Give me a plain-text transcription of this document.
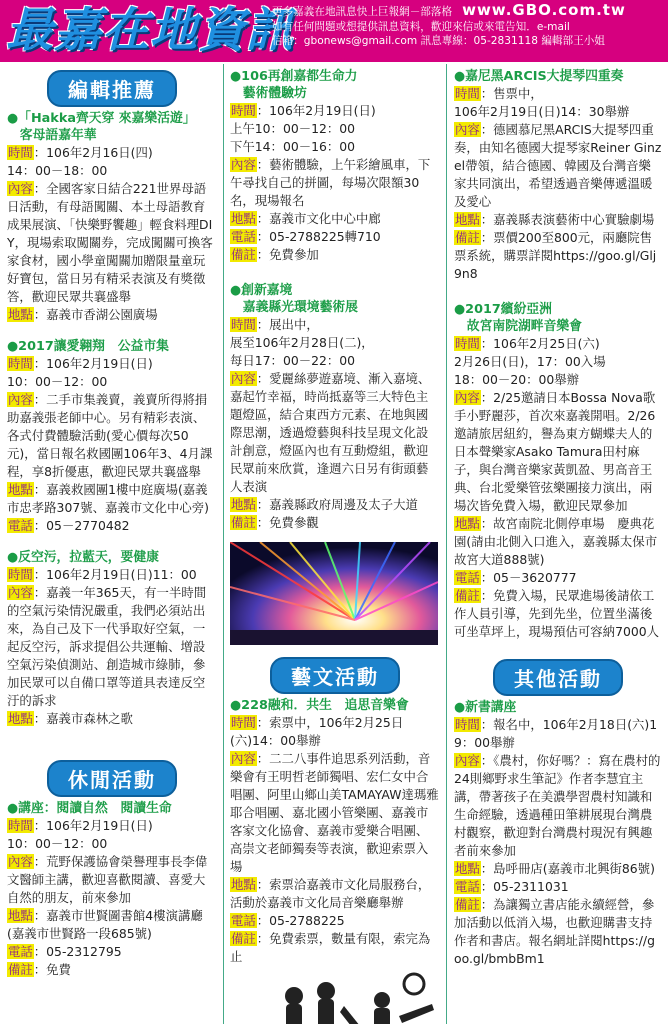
最嘉在地資訊
更多嘉義在地訊息快上巨報網－部落格 www.GBO.com.tw
如有任何問題或想提供訊息資料，歡迎來信或來電告知．e-mail
信箱：gbonews@gmail.com 訊息專線：05-2831118 編輯部王小姐
編輯推薦
●「Hakka齊天穿 來嘉樂活遊」
　客母語嘉年華
時間：106年2月16日(四)
14：00－18：00
內容：全國客家日結合221世界母語日活動，有母語闖關、本土母語教育成果展演、「快樂野饗趣」輕食料理DIY，現場索取闖關券，完成闖關可換客家食材，國小學童闖關加贈限量童玩好寶包，當日另有精采表演及有獎徵答，歡迎民眾共襄盛舉
地點：嘉義市香湖公園廣場
●2017讓愛翱翔　公益市集
時間：106年2月19日(日)
10：00－12：00
內容：二手市集義賣，義賣所得將捐助嘉義張老師中心。另有精彩表演、各式付費體驗活動(愛心價每次50元)，當日報名救國團106年3、4月課程，享8折優惠，歡迎民眾共襄盛舉
地點：嘉義救國團1樓中庭廣場(嘉義市忠孝路307號、嘉義市文化中心旁)
電話：05－2770482
●反空污，拉藍天，要健康
時間：106年2月19日(日)11：00
內容：嘉義一年365天，有一半時間的空氣污染情況嚴重，我們必須站出來，為自己及下一代爭取好空氣，一起反空污，訴求提倡公共運輸、增設空氣污染偵測站、創造城市綠肺，參加民眾可以自備口罩等道具表達反空汙的訴求
地點：嘉義市森林之歌
休閒活動
●講座：閱讀自然　閱讀生命
時間：106年2月19日(日)
10：00－12：00
內容：荒野保護協會榮譽理事長李偉文醫師主講，歡迎喜歡閱讀、喜愛大自然的朋友，前來參加
地點：嘉義市世賢圖書館4樓演講廳(嘉義市世賢路一段685號)
電話：05-2312795
備註：免費
●106再創嘉都生命力
　藝術體驗坊
時間：106年2月19日(日)
上午10：00－12：00
下午14：00－16：00
內容：藝術體驗，上午彩繪風車，下午尋找自己的拼圖，每場次限額30名，現場報名
地點：嘉義市文化中心中廊
電話：05-2788225轉710
備註：免費參加
●創新嘉境
　嘉義縣光環境藝術展
時間：展出中，
展至106年2月28日(二)，
每日17：00－22：00
內容：愛麗絲夢遊嘉境、漸入嘉境、嘉起竹幸福，時尚抵嘉等三大特色主題燈區，結合東西方元素、在地與國際思潮，透過燈藝與科技呈現文化設計創意，燈區內也有互動燈組，歡迎民眾前來欣賞，逢週六日另有街頭藝人表演
地點：嘉義縣政府周邊及太子大道
備註：免費參觀
藝文活動
●228融和．共生　追思音樂會
時間：索票中，106年2月25日
(六)14：00舉辦
內容：二二八事件追思系列活動，音樂會有王明哲老師獨唱、宏仁女中合唱團、阿里山鄉山美TAMAYAW達瑪雅耶合唱團、嘉北國小管樂團、嘉義市客家文化協會、嘉義市愛樂合唱團、高崇文老師獨奏等表演，歡迎索票入場
地點：索票洽嘉義市文化局服務台，活動於嘉義市文化局音樂廳舉辦
電話：05-2788225
備註：免費索票，數量有限，索完為止
●嘉尼黑ARCIS大提琴四重奏
時間：售票中，
106年2月19日(日)14：30舉辦
內容：德國慕尼黑ARCIS大提琴四重奏，由知名德國大提琴家Reiner Ginzel帶領，結合德國、韓國及台灣音樂家共同演出，希望透過音樂傳遞溫暖及愛心
地點：嘉義縣表演藝術中心實驗劇場
備註：票價200至800元，兩廳院售票系統，購票詳閱https://goo.gl/Glj9n8
●2017繽紛亞洲
　故宮南院湖畔音樂會
時間：106年2月25日(六)
2月26日(日)，17：00入場
18：00－20：00舉辦
內容：2/25邀請日本Bossa Nova歌手小野麗莎，首次來嘉義開唱。2/26邀請旅居紐約，譽為東方蝴蝶夫人的日本聲樂家Asako Tamura田村麻子，與台灣音樂家黃凱盈、男高音王典、台北愛樂管弦樂團接力演出，兩場次皆免費入場，歡迎民眾參加
地點：故宮南院北側停車場　慶典花園(請由北側入口進入，嘉義縣太保市故宮大道888號)
電話：05－3620777
備註：免費入場，民眾進場後請依工作人員引導，先到先坐，位置坐滿後可坐草坪上，現場預估可容納7000人
其他活動
●新書講座
時間：報名中，106年2月18日(六)19：00舉辦
內容：《農村，你好嗎？：寫在農村的24則鄉野求生筆記》作者李慧宜主講，帶著孩子在美濃學習農村知識和生命經驗，透過種田筆耕展現台灣農村觀察，歡迎對台灣農村現況有興趣者前來參加
地點：島呼冊店(嘉義市北興街86號)
電話：05-2311031
備註：為讓獨立書店能永續經營，參加活動以低消入場，也歡迎購書支持作者和書店。報名網址詳閱https://goo.gl/bmbBm1
